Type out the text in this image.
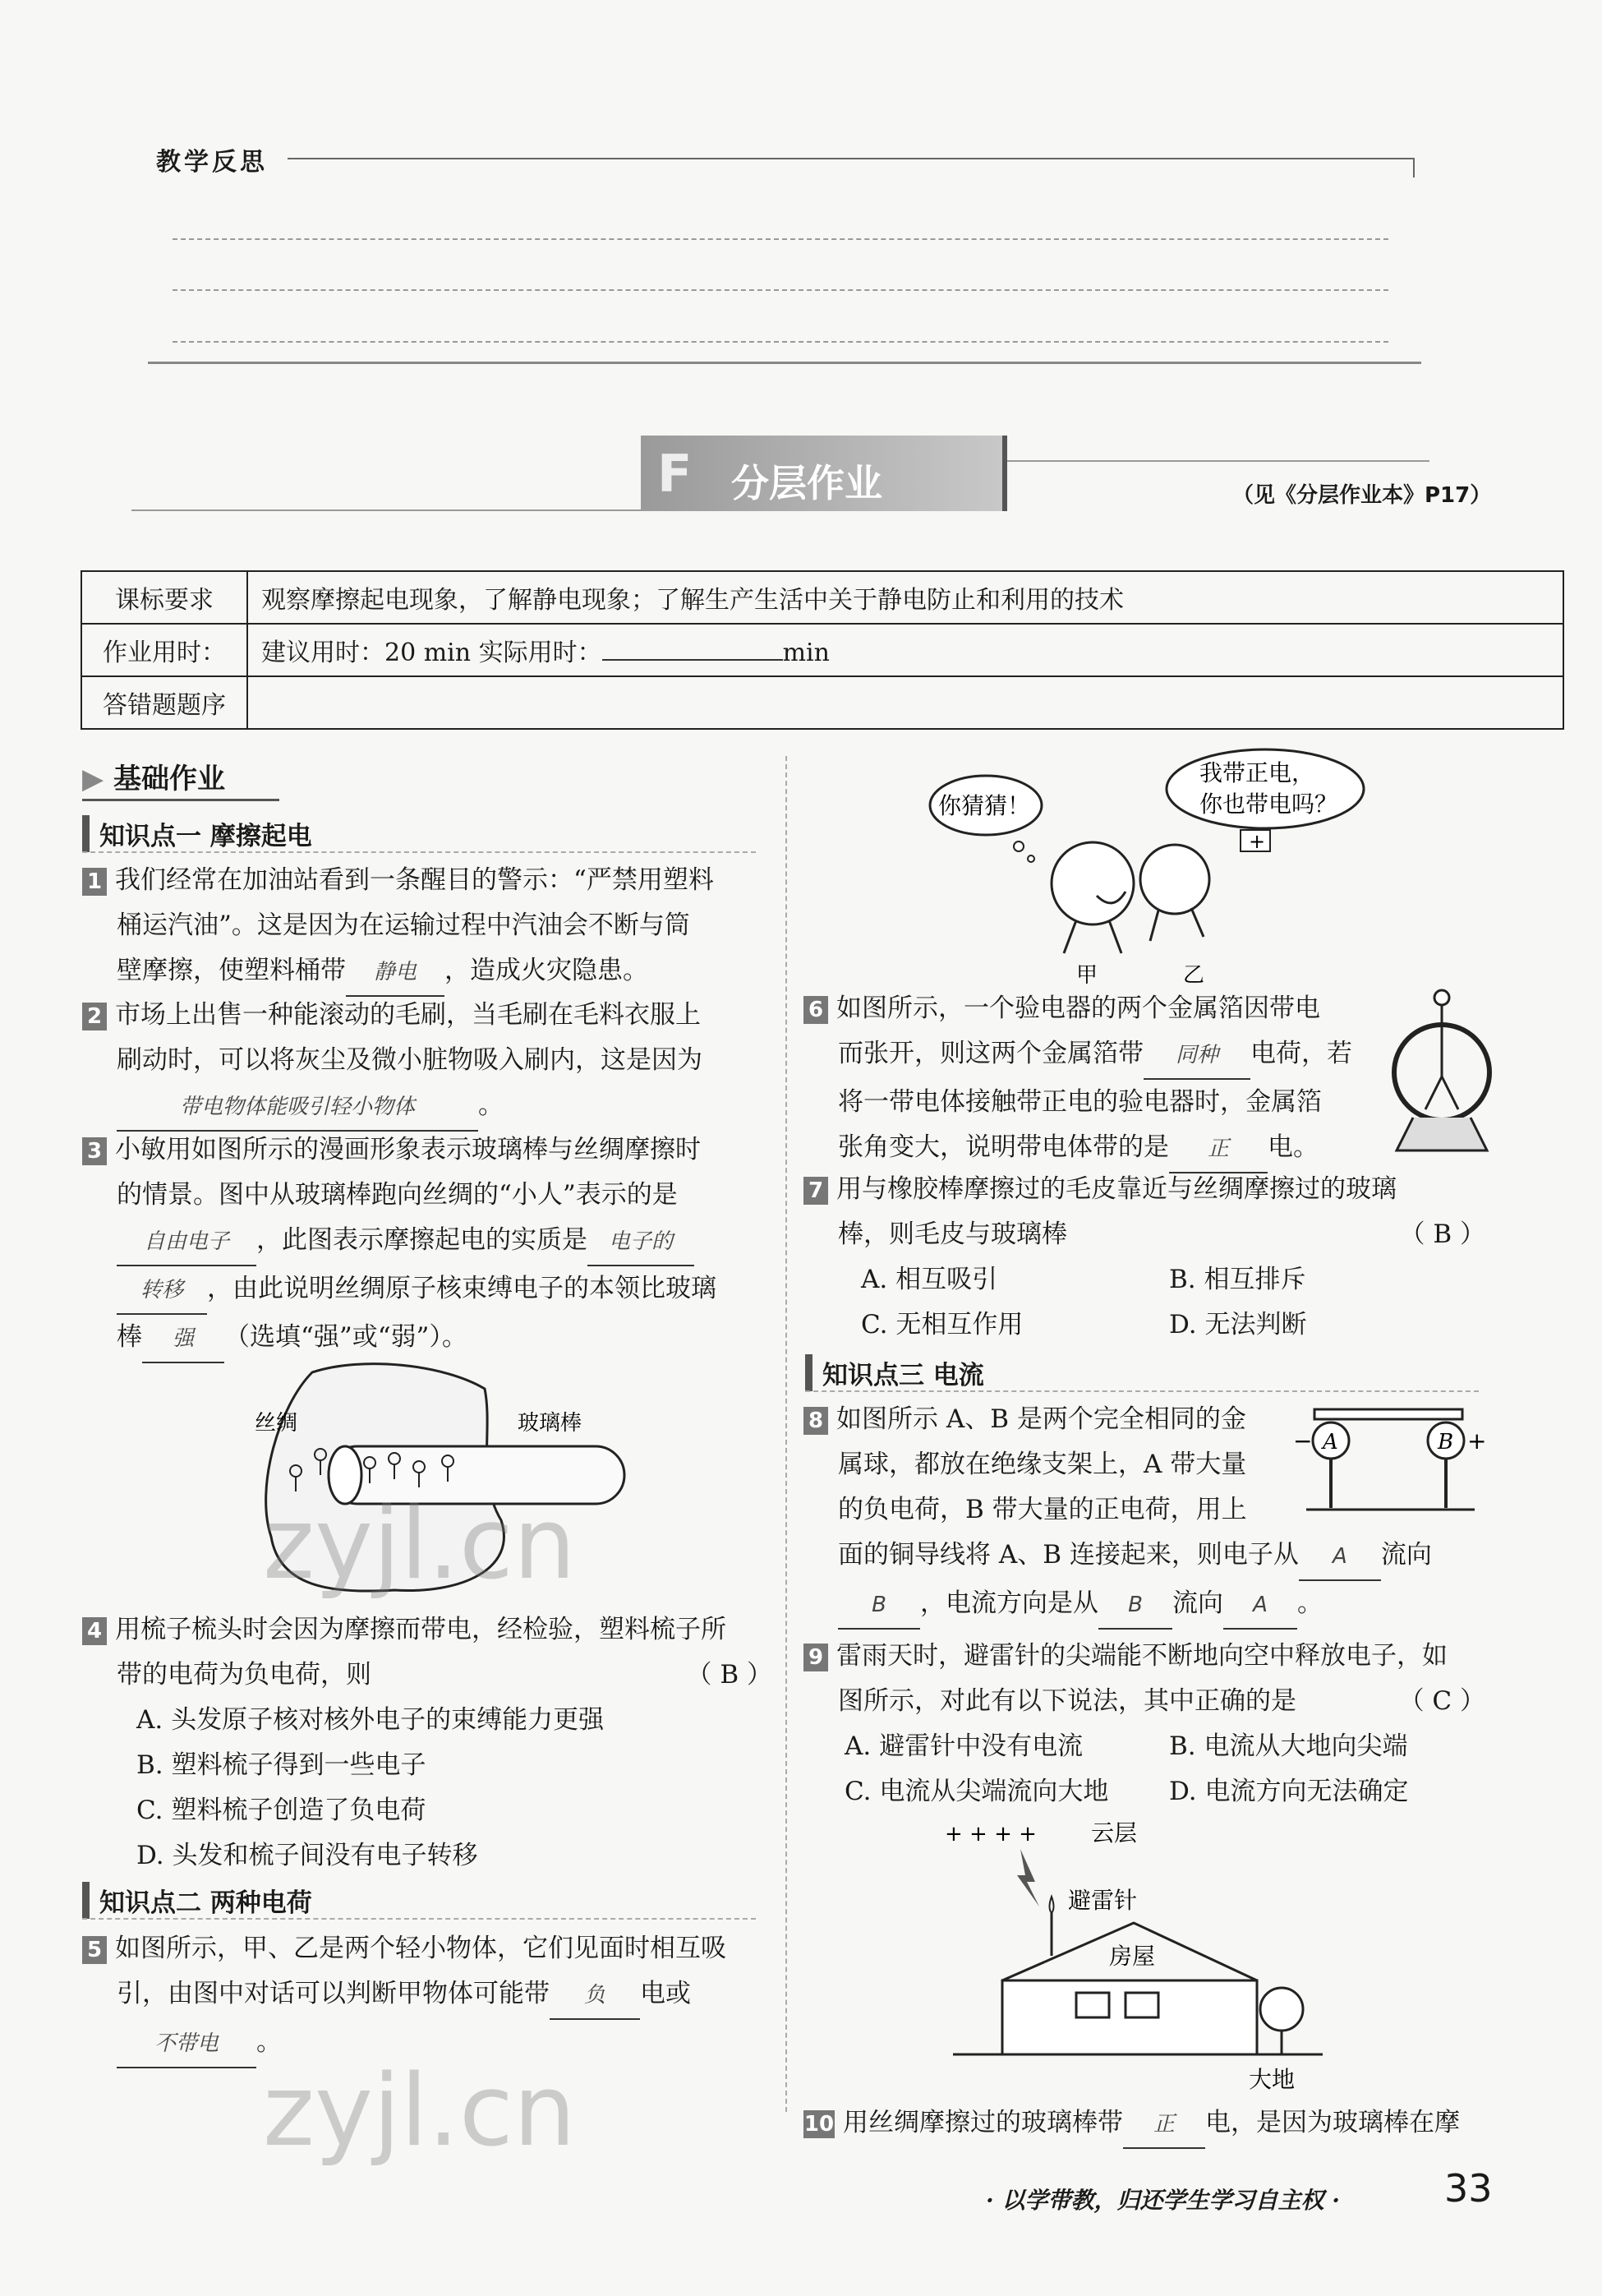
教学反思
F 分层作业	（见《分层作业本》P17）
课标要求	观察摩擦起电现象，了解静电现象；了解生产生活中关于静电防止和利用的技术
作业用时：	建议用时：20 min 实际用时： min
答错题题序	
▶ 基础作业
知识点一 摩擦起电
1 我们经常在加油站看到一条醒目的警示：“严禁用塑料
桶运汽油”。这是因为在运输过程中汽油会不断与筒
壁摩擦，使塑料桶带 静电 ，造成火灾隐患。
2 市场上出售一种能滚动的毛刷，当毛刷在毛料衣服上
刷动时，可以将灰尘及微小脏物吸入刷内，这是因为
带电物体能吸引轻小物体 。
3 小敏用如图所示的漫画形象表示玻璃棒与丝绸摩擦时
的情景。图中从玻璃棒跑向丝绸的“小人”表示的是
自由电子 ，此图表示摩擦起电的实质是 电子的
转移 ，由此说明丝绸原子核束缚电子的本领比玻璃
棒 强 （选填“强”或“弱”）。
丝绸	玻璃棒
4 用梳子梳头时会因为摩擦而带电，经检验，塑料梳子所
带的电荷为负电荷，则	（ B ）
A. 头发原子核对核外电子的束缚能力更强
B. 塑料梳子得到一些电子
C. 塑料梳子创造了负电荷
D. 头发和梳子间没有电子转移
知识点二 两种电荷
5 如图所示，甲、乙是两个轻小物体，它们见面时相互吸
引，由图中对话可以判断甲物体可能带 负 电或
不带电 。
你猜猜！
我带正电，
你也带电吗？
+
甲	乙
6 如图所示，一个验电器的两个金属箔因带电
而张开，则这两个金属箔带 同种 电荷，若
将一带电体接触带正电的验电器时，金属箔
张角变大，说明带电体带的是 正 电。
7 用与橡胶棒摩擦过的毛皮靠近与丝绸摩擦过的玻璃
棒，则毛皮与玻璃棒	（ B ）
A. 相互吸引	B. 相互排斥
C. 无相互作用	D. 无法判断
知识点三 电流
8 如图所示 A、B 是两个完全相同的金
属球，都放在绝缘支架上，A 带大量
的负电荷，B 带大量的正电荷，用上
面的铜导线将 A、B 连接起来，则电子从 A 流向
B ，电流方向是从 B 流向 A 。
A	B
−	+
9 雷雨天时，避雷针的尖端能不断地向空中释放电子，如
图所示，对此有以下说法，其中正确的是	（ C ）
A. 避雷针中没有电流	B. 电流从大地向尖端
C. 电流从尖端流向大地 D. 电流方向无法确定
+ + + + 云层
避雷针
房屋
大地
10 用丝绸摩擦过的玻璃棒带 正 电，是因为玻璃棒在摩
· 以学带教，归还学生学习自主权 ·	33
zyjl.cn
zyjl.cn
